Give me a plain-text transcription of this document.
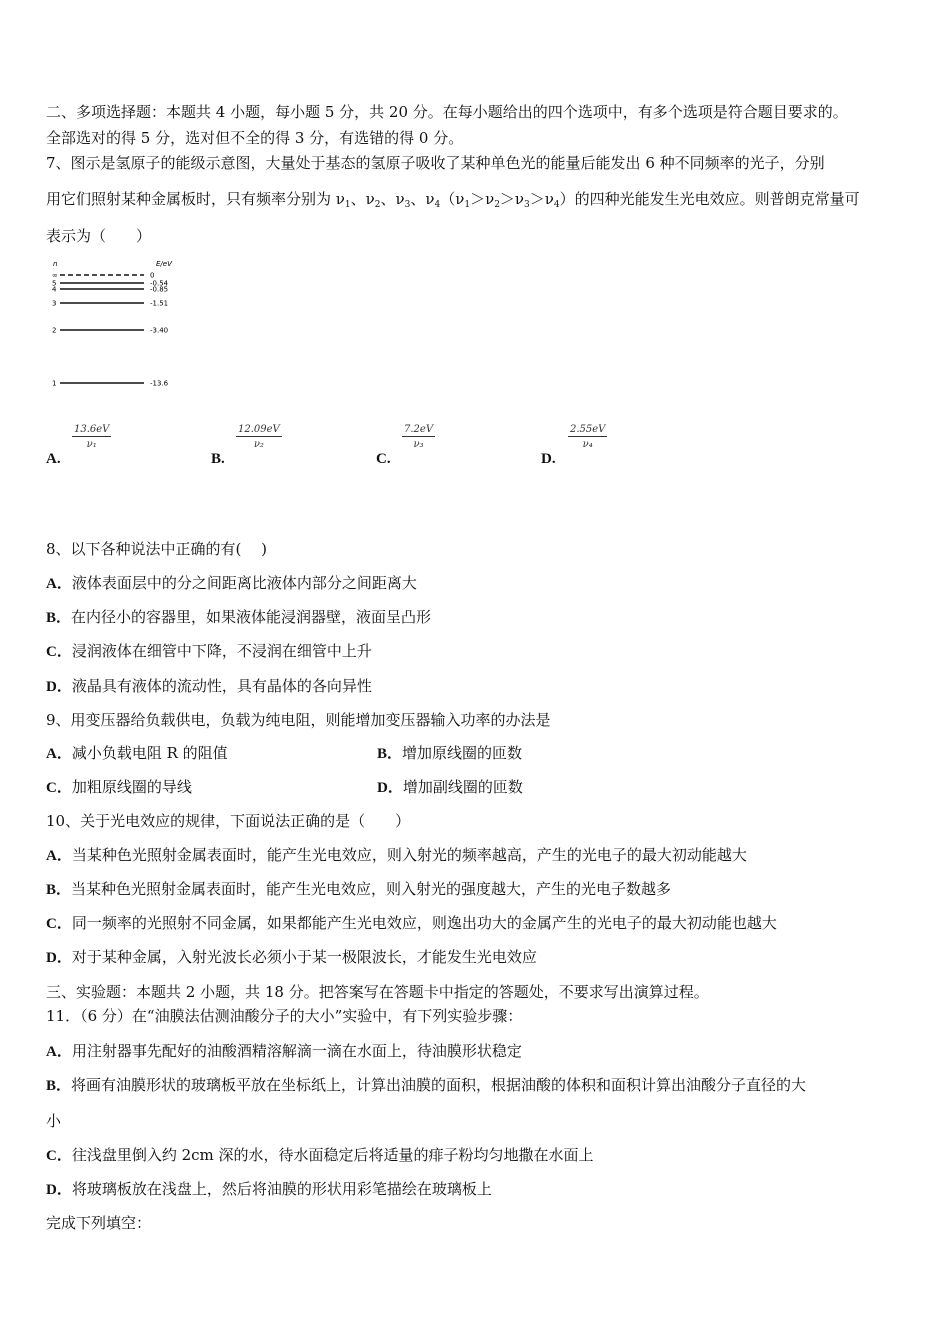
二、多项选择题：本题共 4 小题，每小题 5 分，共 20 分。在每小题给出的四个选项中，有多个选项是符合题目要求的。
全部选对的得 5 分，选对但不全的得 3 分，有选错的得 0 分。
7、图示是氢原子的能级示意图，大量处于基态的氢原子吸收了某种单色光的能量后能发出 6 种不同频率的光子，分别
用它们照射某种金属板时，只有频率分别为 $\nu_1$、$\nu_2$、$\nu_3$、$\nu_4(\nu_1>\nu_2>\nu_3>\nu_4)$的四种光能发生光电效应。则普朗克常量可
表示为（　　）
n	E/eV
∞	0
5	-0.54
4	-0.85
3	-1.51
2	-3.40
1	-13.6
A.
$\frac{13.6eV}{\text{ν₁}}$
B.
$\frac{12.09eV}{\text{ν₂}}$
C.
$\frac{7.2eV}{\text{ν₃}}$
D.
$\frac{2.55eV}{\text{ν₄}}$
8、以下各种说法中正确的有(　 )
A．液体表面层中的分之间距离比液体内部分之间距离大
B．在内径小的容器里，如果液体能浸润器壁，液面呈凸形
C．浸润液体在细管中下降，不浸润在细管中上升
D．液晶具有液体的流动性，具有晶体的各向异性
9、用变压器给负载供电，负载为纯电阻，则能增加变压器输入功率的办法是
A．减小负载电阻 R 的阻值	B．增加原线圈的匝数
C．加粗原线圈的导线	D．增加副线圈的匝数
10、关于光电效应的规律，下面说法正确的是（　　）
A．当某种色光照射金属表面时，能产生光电效应，则入射光的频率越高，产生的光电子的最大初动能越大
B．当某种色光照射金属表面时，能产生光电效应，则入射光的强度越大，产生的光电子数越多
C．同一频率的光照射不同金属，如果都能产生光电效应，则逸出功大的金属产生的光电子的最大初动能也越大
D．对于某种金属，入射光波长必须小于某一极限波长，才能发生光电效应
三、实验题：本题共 2 小题，共 18 分。把答案写在答题卡中指定的答题处，不要求写出演算过程。
11．（6 分）在“油膜法估测油酸分子的大小”实验中，有下列实验步骤：
A．用注射器事先配好的油酸酒精溶解滴一滴在水面上，待油膜形状稳定
B．将画有油膜形状的玻璃板平放在坐标纸上，计算出油膜的面积，根据油酸的体积和面积计算出油酸分子直径的大
小
C．往浅盘里倒入约 2cm 深的水，待水面稳定后将适量的痱子粉均匀地撒在水面上
D．将玻璃板放在浅盘上，然后将油膜的形状用彩笔描绘在玻璃板上
完成下列填空：
